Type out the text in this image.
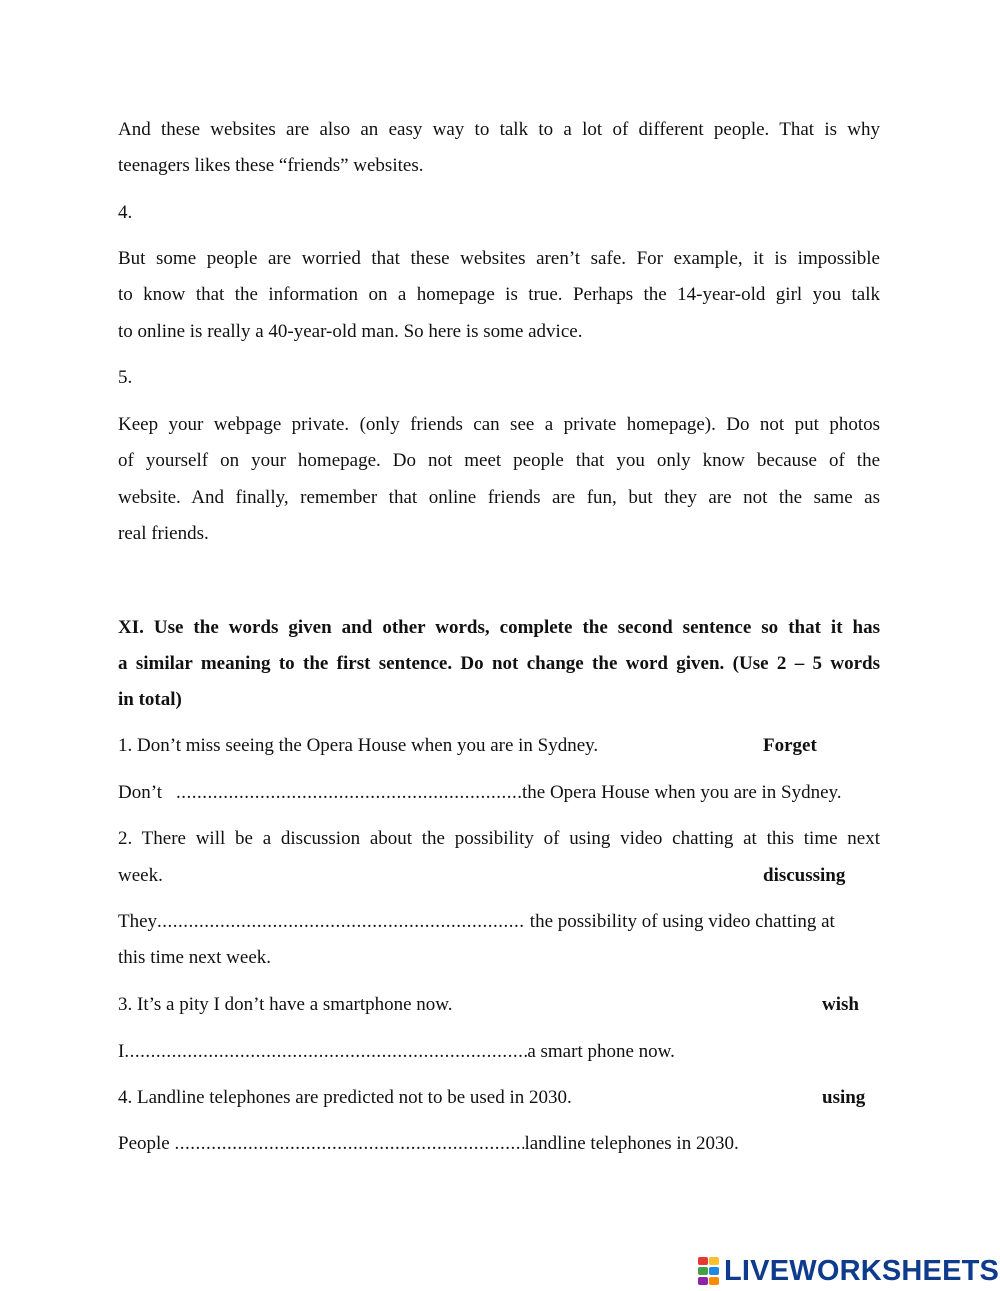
And these websites are also an easy way to talk to a lot of different people. That is why
teenagers likes these “friends” websites.
4.
But some people are worried that these websites aren’t safe. For example, it is impossible
to know that the information on a homepage is true. Perhaps the 14-year-old girl you talk
to online is really a 40-year-old man. So here is some advice.
5.
Keep your webpage private. (only friends can see a private homepage). Do not put photos
of yourself on your homepage. Do not meet people that you only know because of the
website. And finally, remember that online friends are fun, but they are not the same as
real friends.
XI. Use the words given and other words, complete the second sentence so that it has
a similar meaning to the first sentence. Do not change the word given. (Use 2 – 5 words
in total)
1. Don’t miss seeing the Opera House when you are in Sydney.	Forget
Don’t .....	the Opera House when you are in Sydney.
2. There will be a discussion about the possibility of using video chatting at this time next
week.	discussing
They .....	the possibility of using video chatting at
this time next week.
3. It’s a pity I don’t have a smartphone now.	wish
I .....	a smart phone now.
4. Landline telephones are predicted not to be used in 2030.	using
People .....	landline telephones in 2030.
LIVEWORKSHEETS
